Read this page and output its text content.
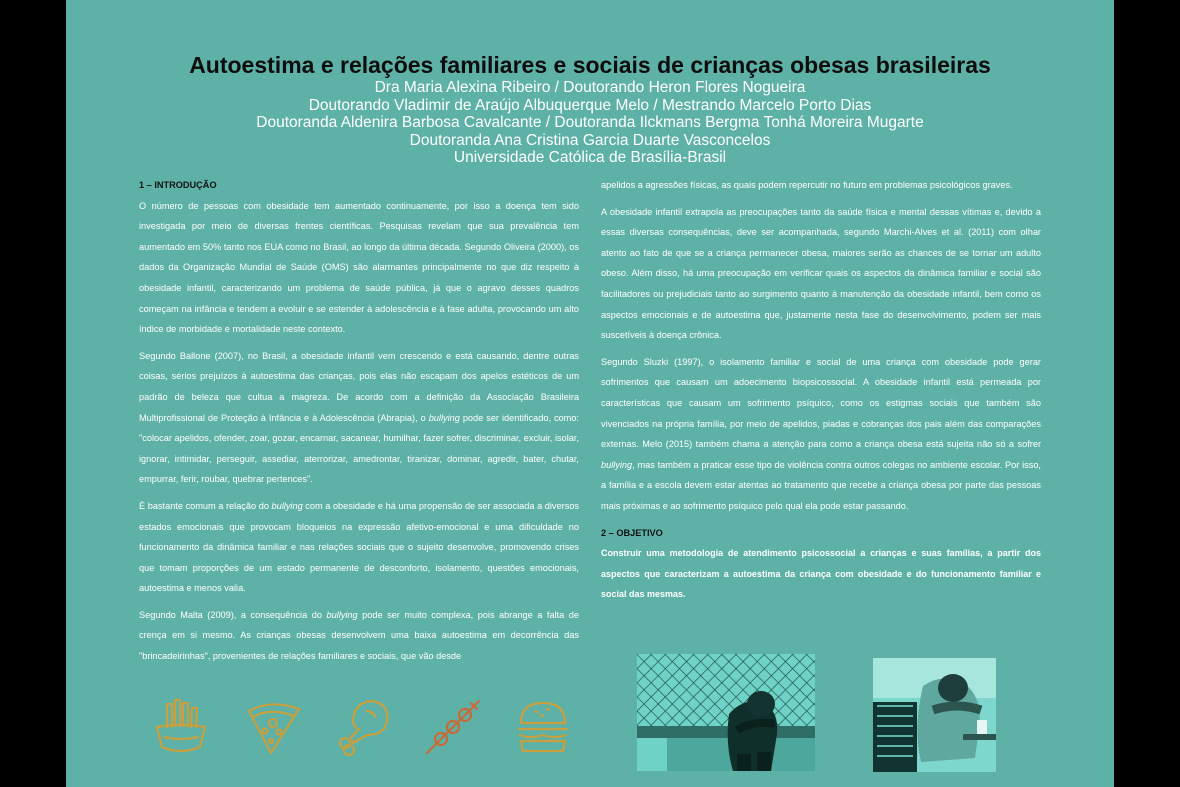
Autoestima e relações familiares e sociais de crianças obesas brasileiras
Dra Maria Alexina Ribeiro / Doutorando Heron Flores Nogueira
Doutorando Vladimir de Araújo Albuquerque Melo / Mestrando Marcelo Porto Dias
Doutoranda Aldenira Barbosa Cavalcante / Doutoranda Ilckmans Bergma Tonhá Moreira Mugarte
Doutoranda Ana Cristina Garcia Duarte Vasconcelos
Universidade Católica de Brasília-Brasil
1 – INTRODUÇÃO

O número de pessoas com obesidade tem aumentado continuamente, por isso a doença tem sido investigada por meio de diversas frentes científicas. Pesquisas revelam que sua prevalência tem aumentado em 50% tanto nos EUA como no Brasil, ao longo da última década. Segundo Oliveira (2000), os dados da Organização Mundial de Saúde (OMS) são alarmantes principalmente no que diz respeito à obesidade infantil, caracterizando um problema de saúde pública, já que o agravo desses quadros começam na infância e tendem a evoluir e se estender à adolescência e à fase adulta, provocando um alto índice de morbidade e mortalidade neste contexto.

Segundo Ballone (2007), no Brasil, a obesidade infantil vem crescendo e está causando, dentre outras coisas, sérios prejuízos à autoestima das crianças, pois elas não escapam dos apelos estéticos de um padrão de beleza que cultua a magreza. De acordo com a definição da Associação Brasileira Multiprofissional de Proteção à Infância e à Adolescência (Abrapia), o bullying pode ser identificado, como: "colocar apelidos, ofender, zoar, gozar, encarnar, sacanear, humilhar, fazer sofrer, discriminar, excluir, isolar, ignorar, intimidar, perseguir, assediar, aterrorizar, amedrontar, tiranizar, dominar, agredir, bater, chutar, empurrar, ferir, roubar, quebrar pertences".

É bastante comum a relação do bullying com a obesidade e há uma propensão de ser associada a diversos estados emocionais que provocam bloqueios na expressão afetivo-emocional e uma dificuldade no funcionamento da dinâmica familiar e nas relações sociais que o sujeito desenvolve, promovendo crises que tomam proporções de um estado permanente de desconforto, isolamento, questões emocionais, autoestima e menos valia.

Segundo Malta (2009), a consequência do bullying pode ser muito complexa, pois abrange a falta de crença em si mesmo. As crianças obesas desenvolvem uma baixa autoestima em decorrência das "brincadeirinhas", provenientes de relações familiares e sociais, que vão desde

apelidos a agressões físicas, as quais podem repercutir no futuro em problemas psicológicos graves.

A obesidade infantil extrapola as preocupações tanto da saúde física e mental dessas vítimas e, devido a essas diversas consequências, deve ser acompanhada, segundo Marchi-Alves et al. (2011) com olhar atento ao fato de que se a criança permanecer obesa, maiores serão as chances de se tornar um adulto obeso. Além disso, há uma preocupação em verificar quais os aspectos da dinâmica familiar e social são facilitadores ou prejudiciais tanto ao surgimento quanto à manutenção da obesidade infantil, bem como os aspectos emocionais e de autoestima que, justamente nesta fase do desenvolvimento, podem ser mais suscetíveis à doença crônica.

Segundo Sluzki (1997), o isolamento familiar e social de uma criança com obesidade pode gerar sofrimentos que causam um adoecimento biopsicossocial. A obesidade infantil está permeada por características que causam um sofrimento psíquico, como os estigmas sociais que também são vivenciados na própria família, por meio de apelidos, piadas e cobranças dos pais além das comparações externas. Melo (2015) também chama a atenção para como a criança obesa está sujeita não só a sofrer bullying, mas também a praticar esse tipo de violência contra outros colegas no ambiente escolar. Por isso, a família e a escola devem estar atentas ao tratamento que recebe a criança obesa por parte das pessoas mais próximas e ao sofrimento psíquico pelo qual ela pode estar passando.

2 – OBJETIVO

Construir uma metodologia de atendimento psicossocial a crianças e suas famílias, a partir dos aspectos que caracterizam a autoestima da criança com obesidade e do funcionamento familiar e social das mesmas.
